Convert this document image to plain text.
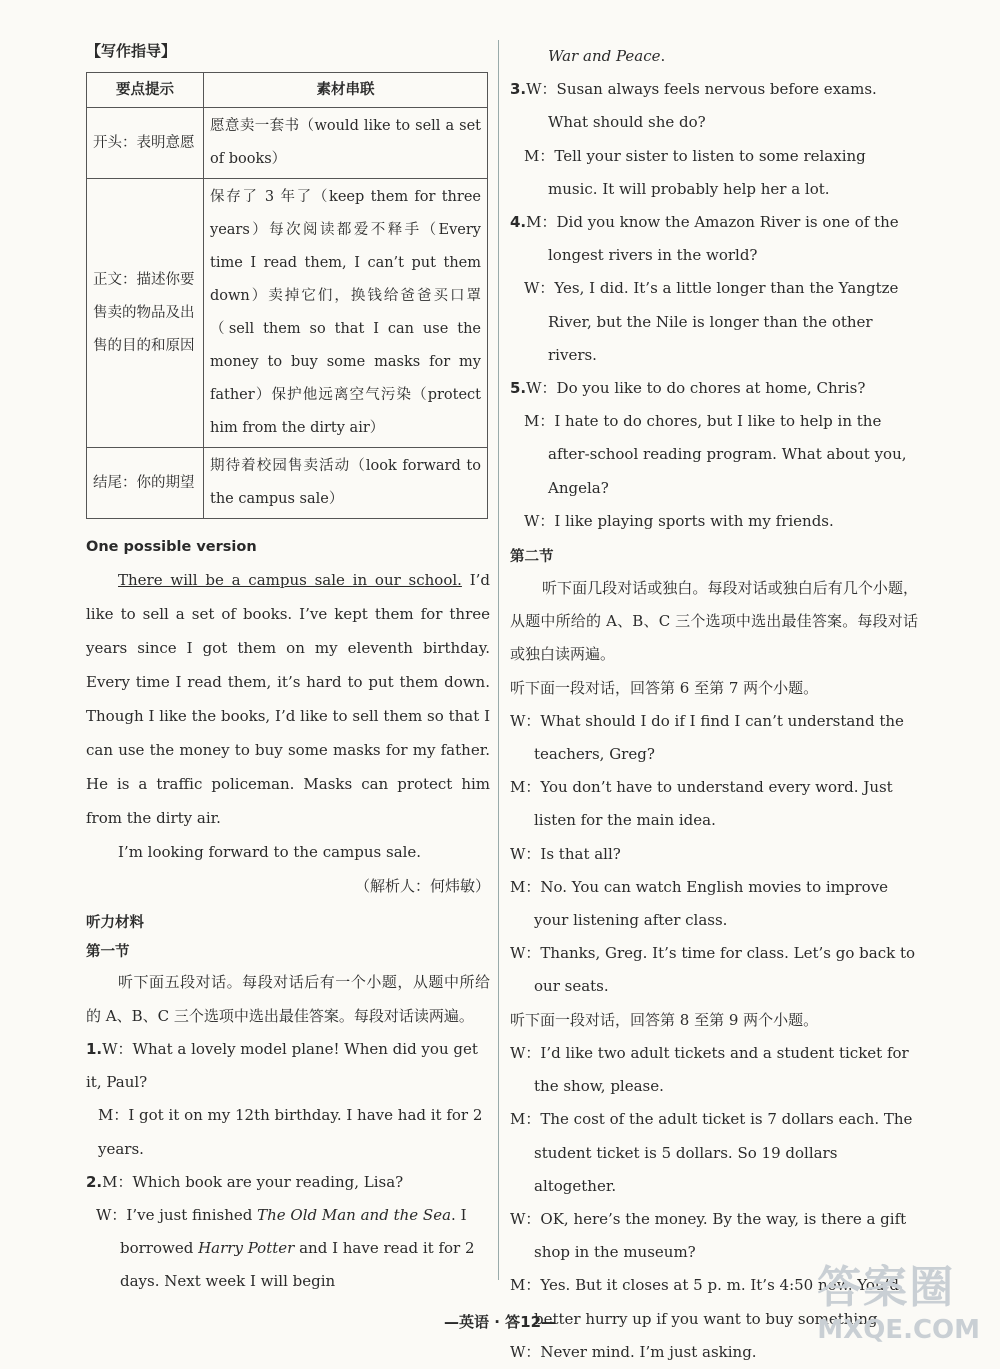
【写作指导】
要点提示	素材串联
开头：表明意愿	愿意卖一套书（would like to sell a set of books）
正文：描述你要售卖的物品及出售的目的和原因	保存了 3 年了（keep them for three years）每次阅读都爱不释手（Every time I read them, I can’t put them down）卖掉它们，换钱给爸爸买口罩（sell them so that I can use the money to buy some masks for my father）保护他远离空气污染（protect him from the dirty air）
结尾：你的期望	期待着校园售卖活动（look forward to the campus sale）
One possible version

There will be a campus sale in our school. I’d like to sell a set of books. I’ve kept them for three years since I got them on my eleventh birthday. Every time I read them, it’s hard to put them down. Though I like the books, I’d like to sell them so that I can use the money to buy some masks for my father. He is a traffic policeman. Masks can protect him from the dirty air.

I’m looking forward to the campus sale.

（解析人：何炜敏）

听力材料
第一节

听下面五段对话。每段对话后有一个小题，从题中所给的 A、B、C 三个选项中选出最佳答案。每段对话读两遍。

1.W：What a lovely model plane! When did you get it, Paul?

M：I got it on my 12th birthday. I have had it for 2 years.

2.M：Which book are your reading, Lisa?

W：I’ve just finished The Old Man and the Sea. I borrowed Harry Potter and I have read it for 2 days. Next week I will begin

War and Peace.

3.W：Susan always feels nervous before exams. What should she do?

M：Tell your sister to listen to some relaxing music. It will probably help her a lot.

4.M：Did you know the Amazon River is one of the longest rivers in the world?

W：Yes, I did. It’s a little longer than the Yangtze River, but the Nile is longer than the other rivers.

5.W：Do you like to do chores at home, Chris?

M：I hate to do chores, but I like to help in the after-school reading program. What about you, Angela?

W：I like playing sports with my friends.

第二节

听下面几段对话或独白。每段对话或独白后有几个小题，从题中所给的 A、B、C 三个选项中选出最佳答案。每段对话或独白读两遍。

听下面一段对话，回答第 6 至第 7 两个小题。

W：What should I do if I find I can’t understand the teachers, Greg?

M：You don’t have to understand every word. Just listen for the main idea.

W：Is that all?

M：No. You can watch English movies to improve your listening after class.

W：Thanks, Greg. It’s time for class. Let’s go back to our seats.

听下面一段对话，回答第 8 至第 9 两个小题。

W：I’d like two adult tickets and a student ticket for the show, please.

M：The cost of the adult ticket is 7 dollars each. The student ticket is 5 dollars. So 19 dollars altogether.

W：OK, here’s the money. By the way, is there a gift shop in the museum?

M：Yes. But it closes at 5 p. m. It’s 4:50 now. You’d better hurry up if you want to buy something.

W：Never mind. I’m just asking.

—英语 · 答12—
答案圈
MXQE.COM
